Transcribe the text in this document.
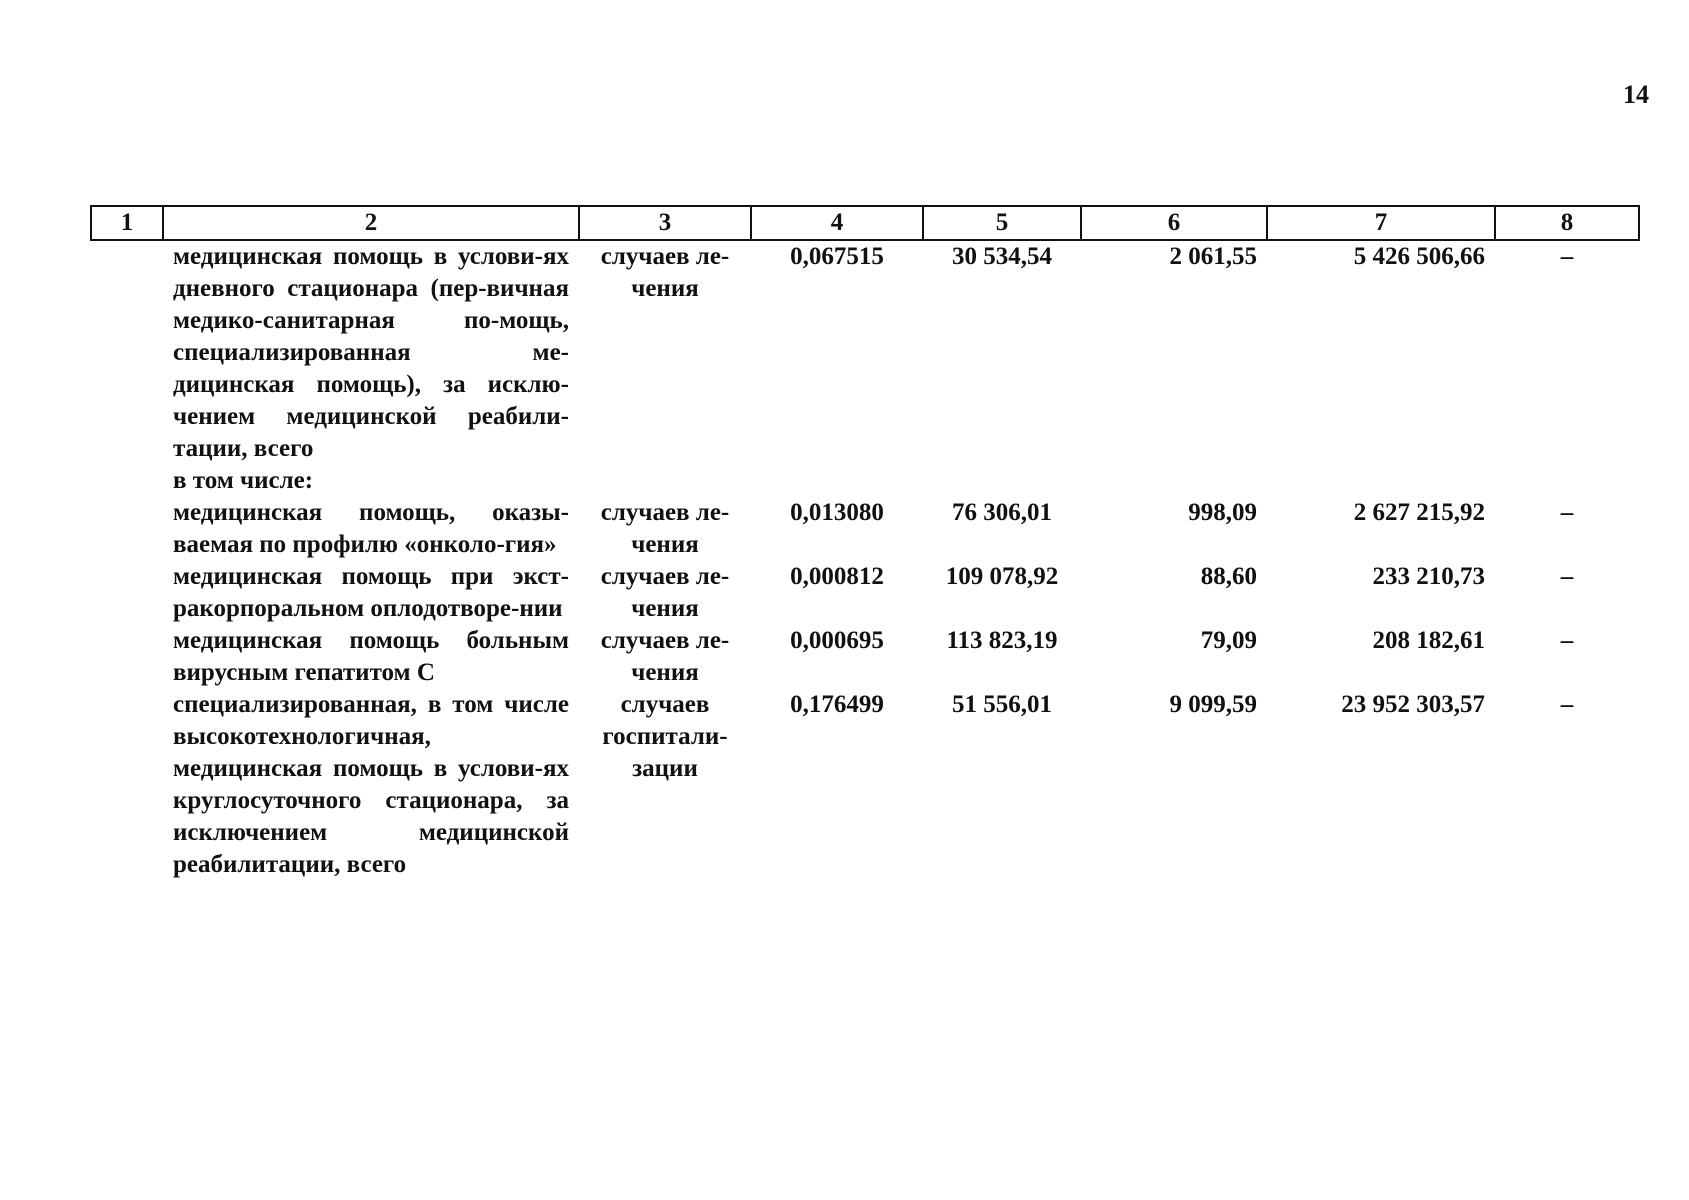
14
1	2	3	4	5	6	7	8
	медицинская помощь в услови-ях дневного стационара (пер-вичная медико-санитарная по-мощь, специализированная ме-дицинская помощь), за исклю-чением медицинской реабили-тации, всего	случаев ле-чения	0,067515	30 534,54	2 061,55	5 426 506,66	–
	в том числе:						
	медицинская помощь, оказы-ваемая по профилю «онколо-гия»	случаев ле-чения	0,013080	76 306,01	998,09	2 627 215,92	–
	медицинская помощь при экст-ракорпоральном оплодотворе-нии	случаев ле-чения	0,000812	109 078,92	88,60	233 210,73	–
	медицинская помощь больным вирусным гепатитом С	случаев ле-чения	0,000695	113 823,19	79,09	208 182,61	–
	специализированная, в том числе высокотехнологичная, медицинская помощь в услови-ях круглосуточного стационара, за исключением медицинской реабилитации, всего	случаев госпитали-зации	0,176499	51 556,01	9 099,59	23 952 303,57	–
